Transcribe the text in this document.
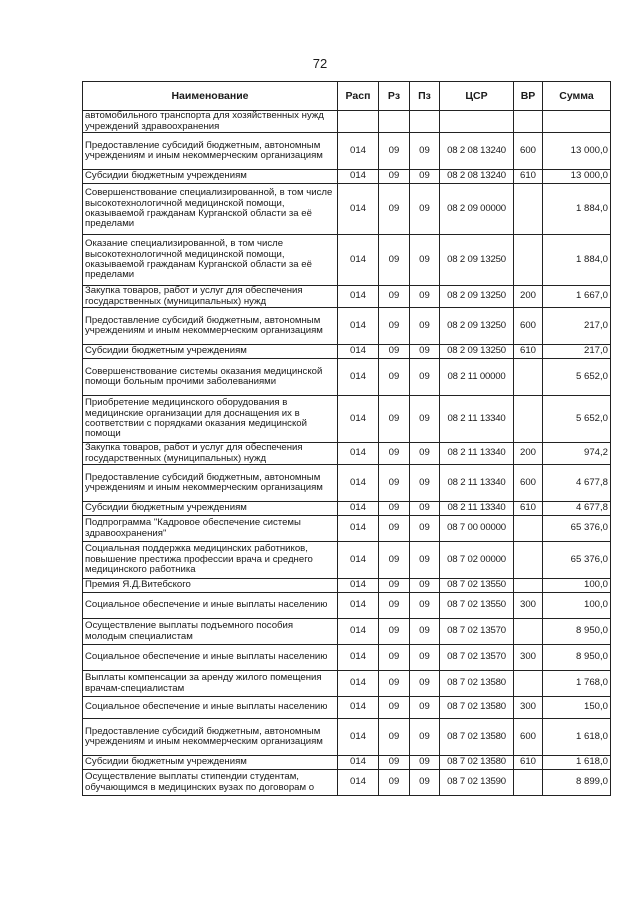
72
Наименование	Расп	Рз	Пз	ЦСР	ВР	Сумма
автомобильного транспорта для хозяйственных нужд учреждений здравоохранения						
Предоставление субсидий бюджетным, автономным учреждениям и иным некоммерческим организациям	014	09	09	08 2 08 13240	600	13 000,0
Субсидии бюджетным учреждениям	014	09	09	08 2 08 13240	610	13 000,0
Совершенствование специализированной, в том числе высокотехнологичной медицинской помощи, оказываемой гражданам Курганской области за её пределами	014	09	09	08 2 09 00000		1 884,0
Оказание специализированной, в том числе высокотехнологичной медицинской помощи, оказываемой гражданам Курганской области за её пределами	014	09	09	08 2 09 13250		1 884,0
Закупка товаров, работ и услуг для обеспечения государственных (муниципальных) нужд	014	09	09	08 2 09 13250	200	1 667,0
Предоставление субсидий бюджетным, автономным учреждениям и иным некоммерческим организациям	014	09	09	08 2 09 13250	600	217,0
Субсидии бюджетным учреждениям	014	09	09	08 2 09 13250	610	217,0
Совершенствование системы оказания медицинской помощи больным прочими заболеваниями	014	09	09	08 2 11 00000		5 652,0
Приобретение медицинского оборудования в медицинские организации для доснащения их в соответствии с порядками оказания медицинской помощи	014	09	09	08 2 11 13340		5 652,0
Закупка товаров, работ и услуг для обеспечения государственных (муниципальных) нужд	014	09	09	08 2 11 13340	200	974,2
Предоставление субсидий бюджетным, автономным учреждениям и иным некоммерческим организациям	014	09	09	08 2 11 13340	600	4 677,8
Субсидии бюджетным учреждениям	014	09	09	08 2 11 13340	610	4 677,8
Подпрограмма "Кадровое обеспечение системы здравоохранения"	014	09	09	08 7 00 00000		65 376,0
Социальная поддержка медицинских работников, повышение престижа профессии врача и среднего медицинского работника	014	09	09	08 7 02 00000		65 376,0
Премия Я.Д.Витебского	014	09	09	08 7 02 13550		100,0
Социальное обеспечение и иные выплаты населению	014	09	09	08 7 02 13550	300	100,0
Осуществление выплаты подъемного пособия молодым специалистам	014	09	09	08 7 02 13570		8 950,0
Социальное обеспечение и иные выплаты населению	014	09	09	08 7 02 13570	300	8 950,0
Выплаты компенсации за аренду жилого помещения врачам-специалистам	014	09	09	08 7 02 13580		1 768,0
Социальное обеспечение и иные выплаты населению	014	09	09	08 7 02 13580	300	150,0
Предоставление субсидий бюджетным, автономным учреждениям и иным некоммерческим организациям	014	09	09	08 7 02 13580	600	1 618,0
Субсидии бюджетным учреждениям	014	09	09	08 7 02 13580	610	1 618,0
Осуществление выплаты стипендии студентам, обучающимся в медицинских вузах по договорам о	014	09	09	08 7 02 13590		8 899,0
